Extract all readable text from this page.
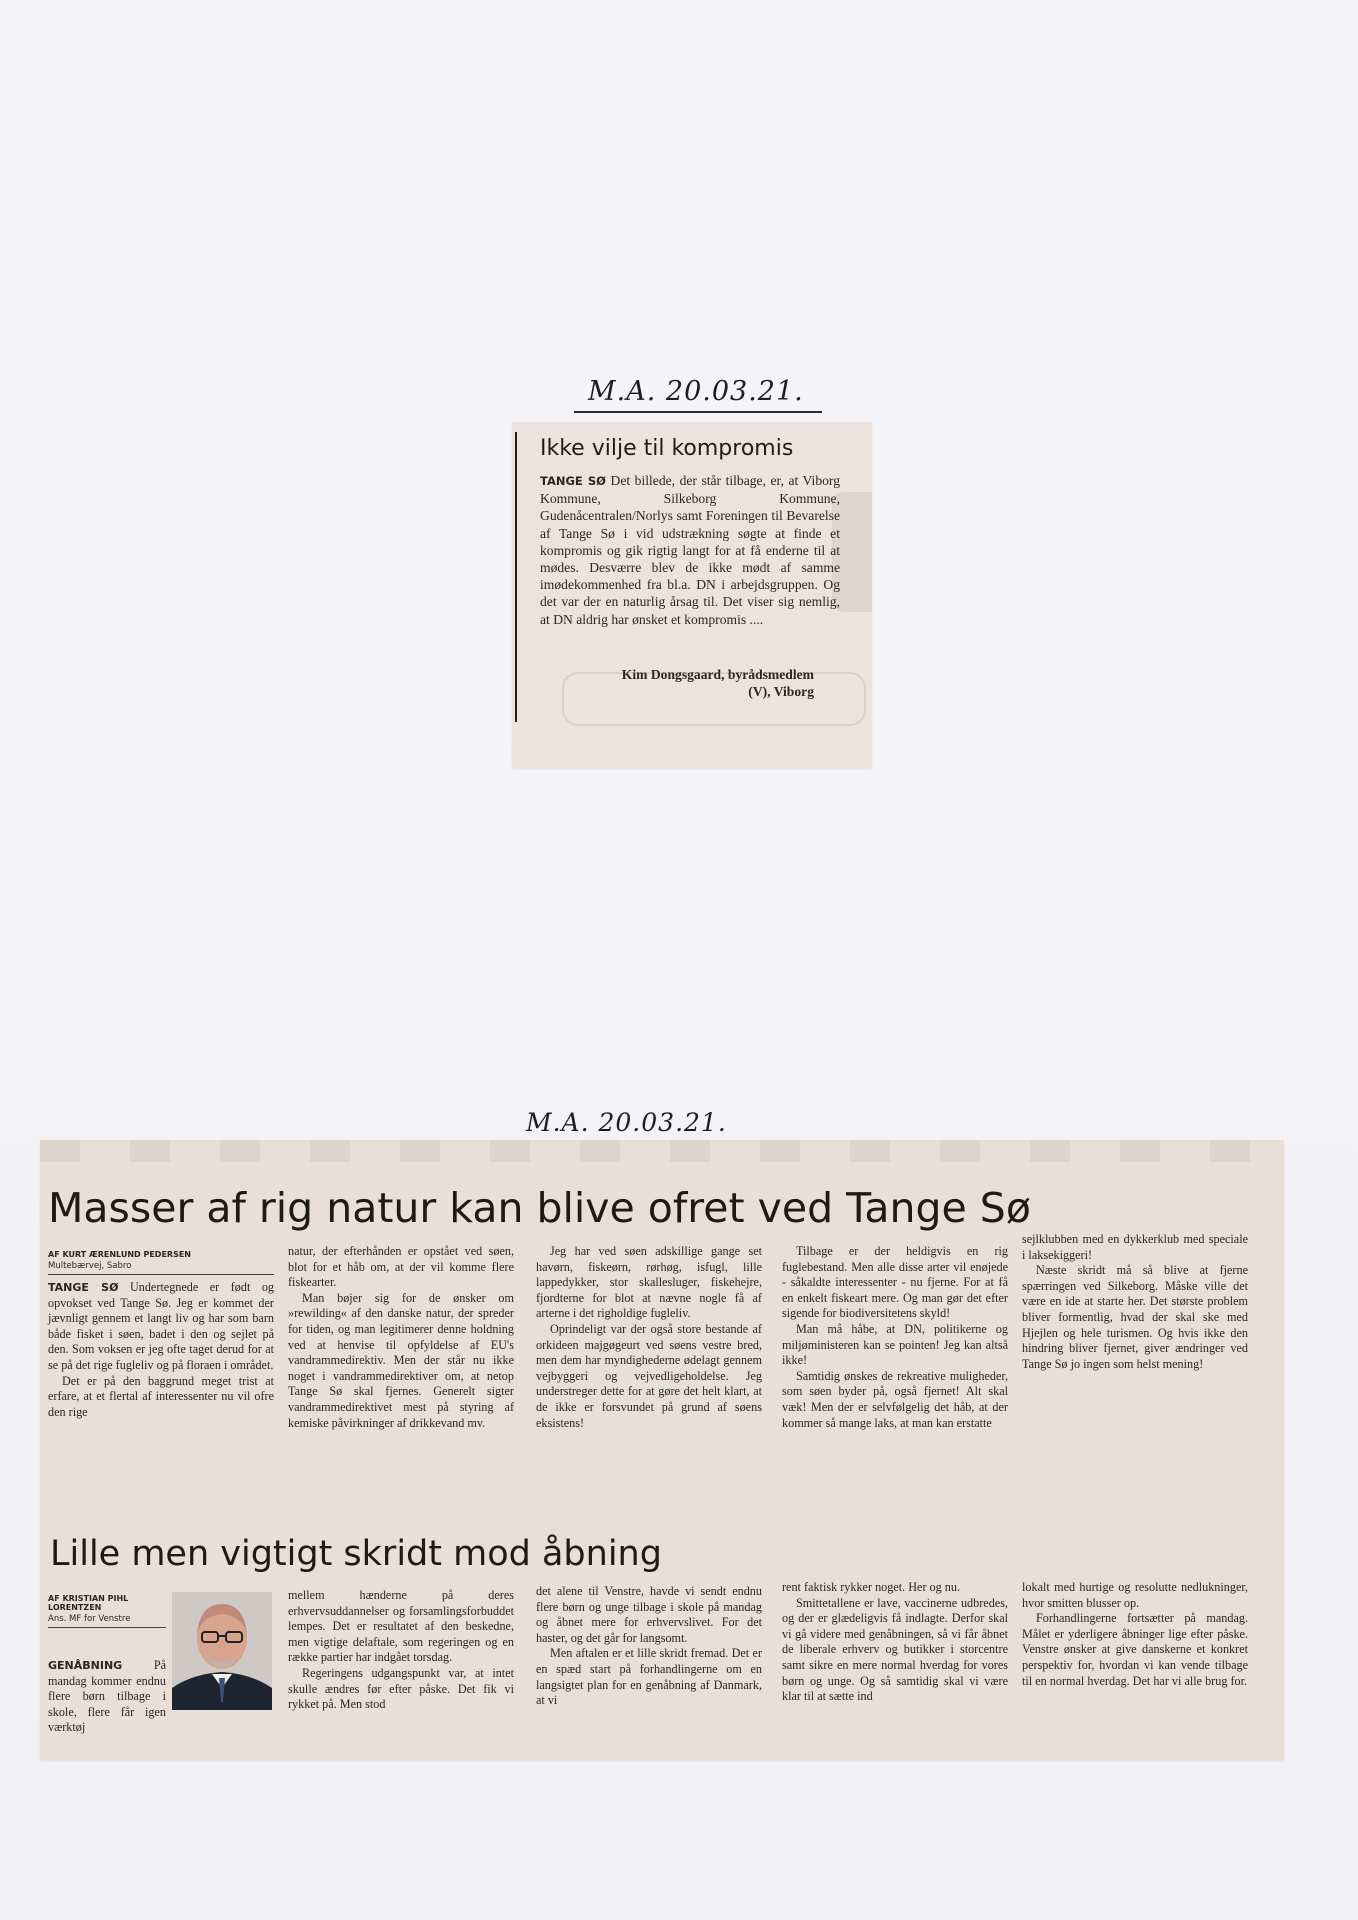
M.A. 20.03.21.
Ikke vilje til kompromis
TANGE SØ Det billede, der står tilbage, er, at Viborg Kommune, Silkeborg Kommune, Gudenåcentralen/Norlys samt Foreningen til Bevarelse af Tange Sø i vid udstrækning søgte at finde et kompromis og gik rigtig langt for at få enderne til at mødes. Desværre blev de ikke mødt af samme imødekommenhed fra bl.a. DN i arbejdsgruppen. Og det var der en naturlig årsag til. Det viser sig nemlig, at DN aldrig har ønsket et kompromis ....
Kim Dongsgaard, byrådsmedlem
(V), Viborg
M.A. 20.03.21.
Masser af rig natur kan blive ofret ved Tange Sø
AF KURT ÆRENLUND PEDERSEN
Multebærvej, Sabro

TANGE SØ Undertegnede er født og opvokset ved Tange Sø. Jeg er kommet der jævnligt gennem et langt liv og har som barn både fisket i søen, badet i den og sejlet på den. Som voksen er jeg ofte taget derud for at se på det rige fugleliv og på floraen i området.

Det er på den baggrund meget trist at erfare, at et flertal af interessenter nu vil ofre den rige

natur, der efterhånden er opstået ved søen, blot for et håb om, at der vil komme flere fiskearter.

Man bøjer sig for de ønsker om »rewilding« af den danske natur, der spreder for tiden, og man legitimerer denne holdning ved at henvise til opfyldelse af EU's vandrammedirektiv. Men der står nu ikke noget i vandrammedirektiver om, at netop Tange Sø skal fjernes. Generelt sigter vandrammedirektivet mest på styring af kemiske påvirkninger af drikkevand mv.

Jeg har ved søen adskillige gange set havørn, fiskeørn, rørhøg, isfugl, lille lappedykker, stor skallesluger, fiskehejre, fjordterne for blot at nævne nogle få af arterne i det righoldige fugleliv.

Oprindeligt var der også store bestande af orkideen majgøgeurt ved søens vestre bred, men dem har myndighederne ødelagt gennem vejbyggeri og vejvedligeholdelse. Jeg understreger dette for at gøre det helt klart, at de ikke er forsvundet på grund af søens eksistens!

Tilbage er der heldigvis en rig fuglebestand. Men alle disse arter vil enøjede - såkaldte interessenter - nu fjerne. For at få en enkelt fiskeart mere. Og man gør det efter sigende for biodiversitetens skyld!

Man må håbe, at DN, politikerne og miljøministeren kan se pointen! Jeg kan altså ikke!

Samtidig ønskes de rekreative muligheder, som søen byder på, også fjernet! Alt skal væk! Men der er selvfølgelig det håb, at der kommer så mange laks, at man kan erstatte

sejlklubben med en dykkerklub med speciale i laksekiggeri!

Næste skridt må så blive at fjerne spærringen ved Silkeborg. Måske ville det være en ide at starte her. Det største problem bliver formentlig, hvad der skal ske med Hjejlen og hele turismen. Og hvis ikke den hindring bliver fjernet, giver ændringer ved Tange Sø jo ingen som helst mening!

Lille men vigtigt skridt mod åbning
AF KRISTIAN PIHL LORENTZEN
Ans. MF for Venstre

GENÅBNING	På mandag kommer endnu flere børn tilbage i skole, flere får igen værktøj

mellem hænderne på deres erhvervsuddannelser og forsamlingsforbuddet lempes. Det er resultatet af den beskedne, men vigtige delaftale, som regeringen og en række partier har indgået torsdag.

Regeringens udgangspunkt var, at intet skulle ændres før efter påske. Det fik vi rykket på. Men stod

det alene til Venstre, havde vi sendt endnu flere børn og unge tilbage i skole på mandag og åbnet mere for erhvervslivet. For det haster, og det går for langsomt.

Men aftalen er et lille skridt fremad. Det er en spæd start på forhandlingerne om en langsigtet plan for en genåbning af Danmark, at vi

rent faktisk rykker noget. Her og nu.

Smittetallene er lave, vaccinerne udbredes, og der er glædeligvis få indlagte. Derfor skal vi gå videre med genåbningen, så vi får åbnet de liberale erhverv og butikker i storcentre samt sikre en mere normal hverdag for vores børn og unge. Og så samtidig skal vi være klar til at sætte ind

lokalt med hurtige og resolutte nedlukninger, hvor smitten blusser op.

Forhandlingerne fortsætter på mandag. Målet er yderligere åbninger lige efter påske. Venstre ønsker at give danskerne et konkret perspektiv for, hvordan vi kan vende tilbage til en normal hverdag. Det har vi alle brug for.
